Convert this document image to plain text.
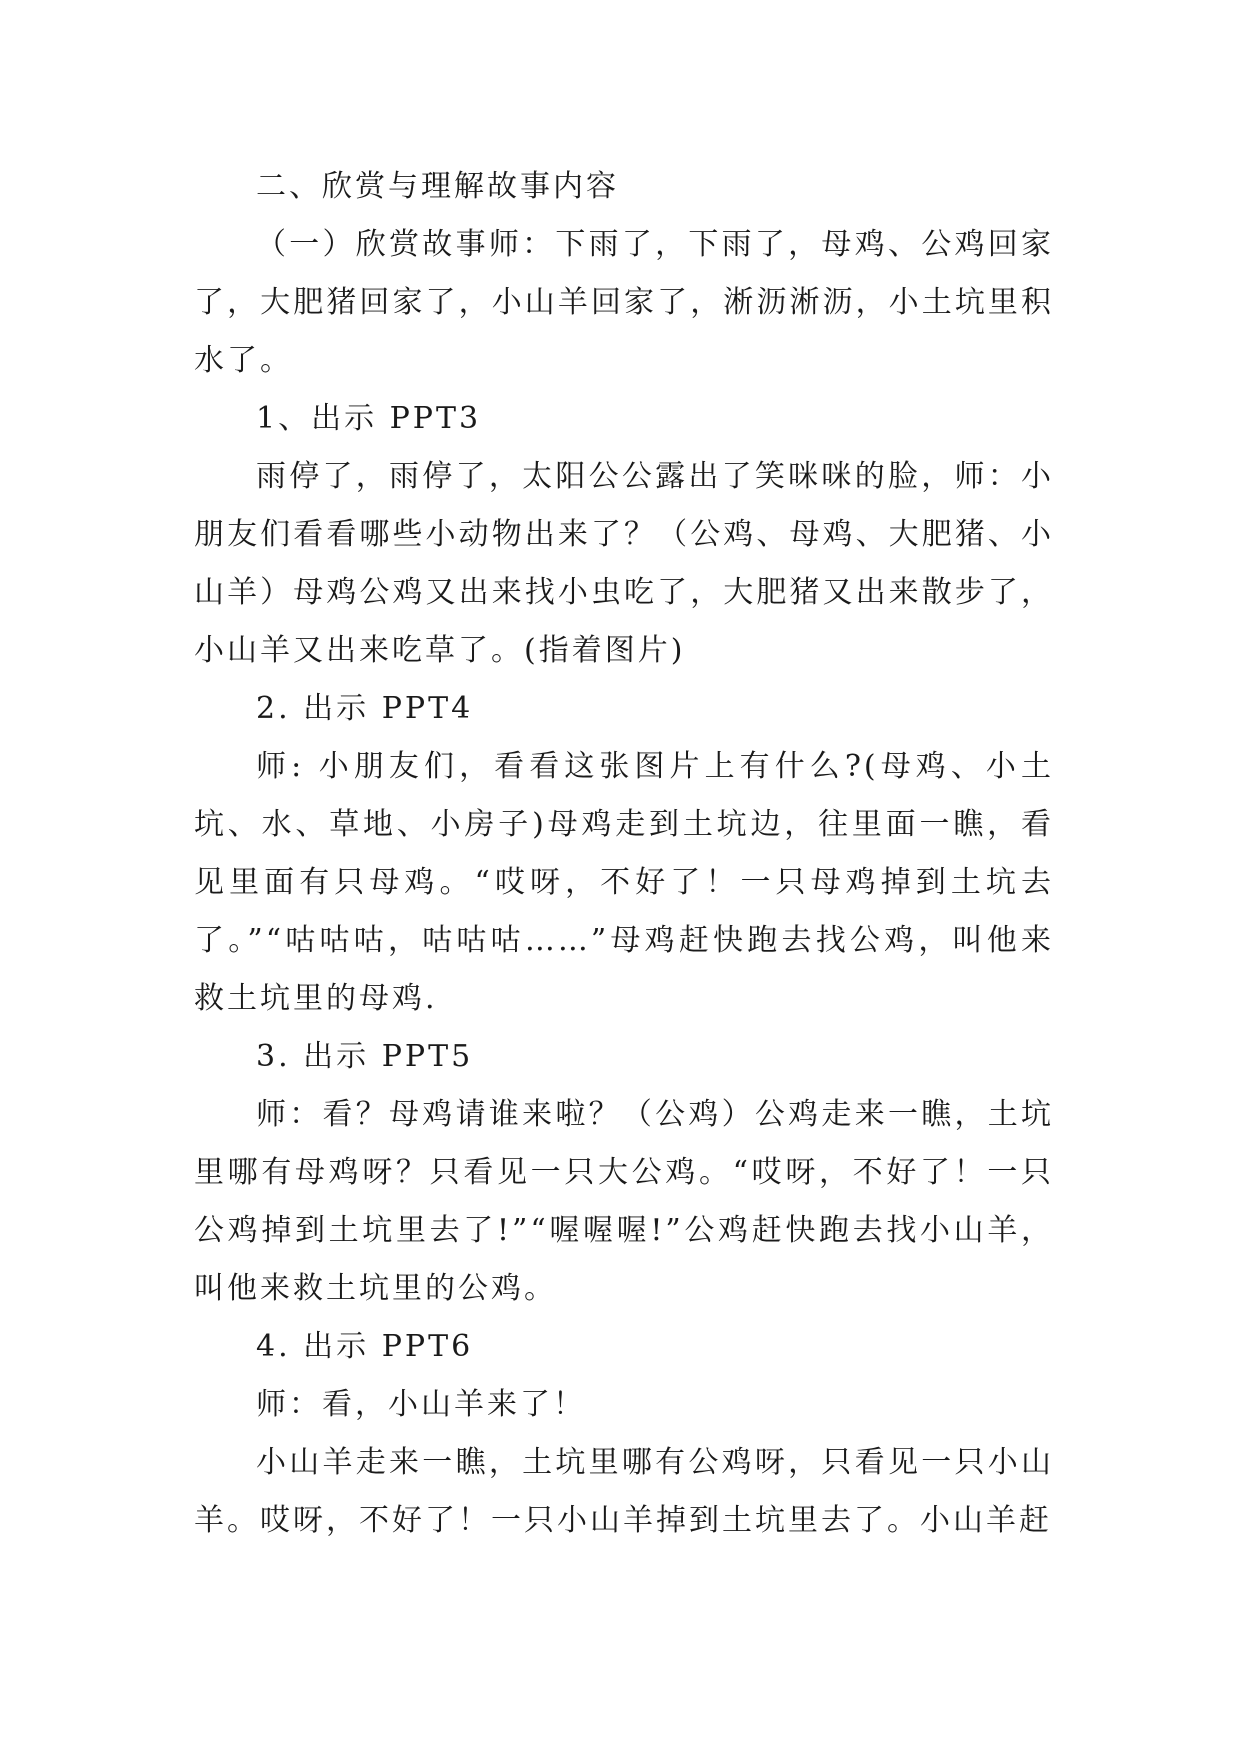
二、欣赏与理解故事内容

（一）欣赏故事师：下雨了，下雨了，母鸡、公鸡回家了，大肥猪回家了，小山羊回家了，淅沥淅沥，小土坑里积水了。

1、出示 PPT3

雨停了，雨停了，太阳公公露出了笑咪咪的脸，师：小朋友们看看哪些小动物出来了？（公鸡、母鸡、大肥猪、小山羊）母鸡公鸡又出来找小虫吃了，大肥猪又出来散步了，小山羊又出来吃草了。(指着图片)

2. 出示 PPT4

师: 小朋友们，看看这张图片上有什么?(母鸡、小土坑、水、草地、小房子)母鸡走到土坑边，往里面一瞧，看见里面有只母鸡。“哎呀，不好了！一只母鸡掉到土坑去了。”“咕咕咕，咕咕咕……”母鸡赶快跑去找公鸡，叫他来救土坑里的母鸡.

3. 出示 PPT5

师：看？母鸡请谁来啦？（公鸡）公鸡走来一瞧，土坑里哪有母鸡呀？只看见一只大公鸡。“哎呀，不好了！一只公鸡掉到土坑里去了!”“喔喔喔!”公鸡赶快跑去找小山羊，叫他来救土坑里的公鸡。

4. 出示 PPT6

师：看，小山羊来了！

小山羊走来一瞧，土坑里哪有公鸡呀，只看见一只小山羊。哎呀，不好了！一只小山羊掉到土坑里去了。小山羊赶
